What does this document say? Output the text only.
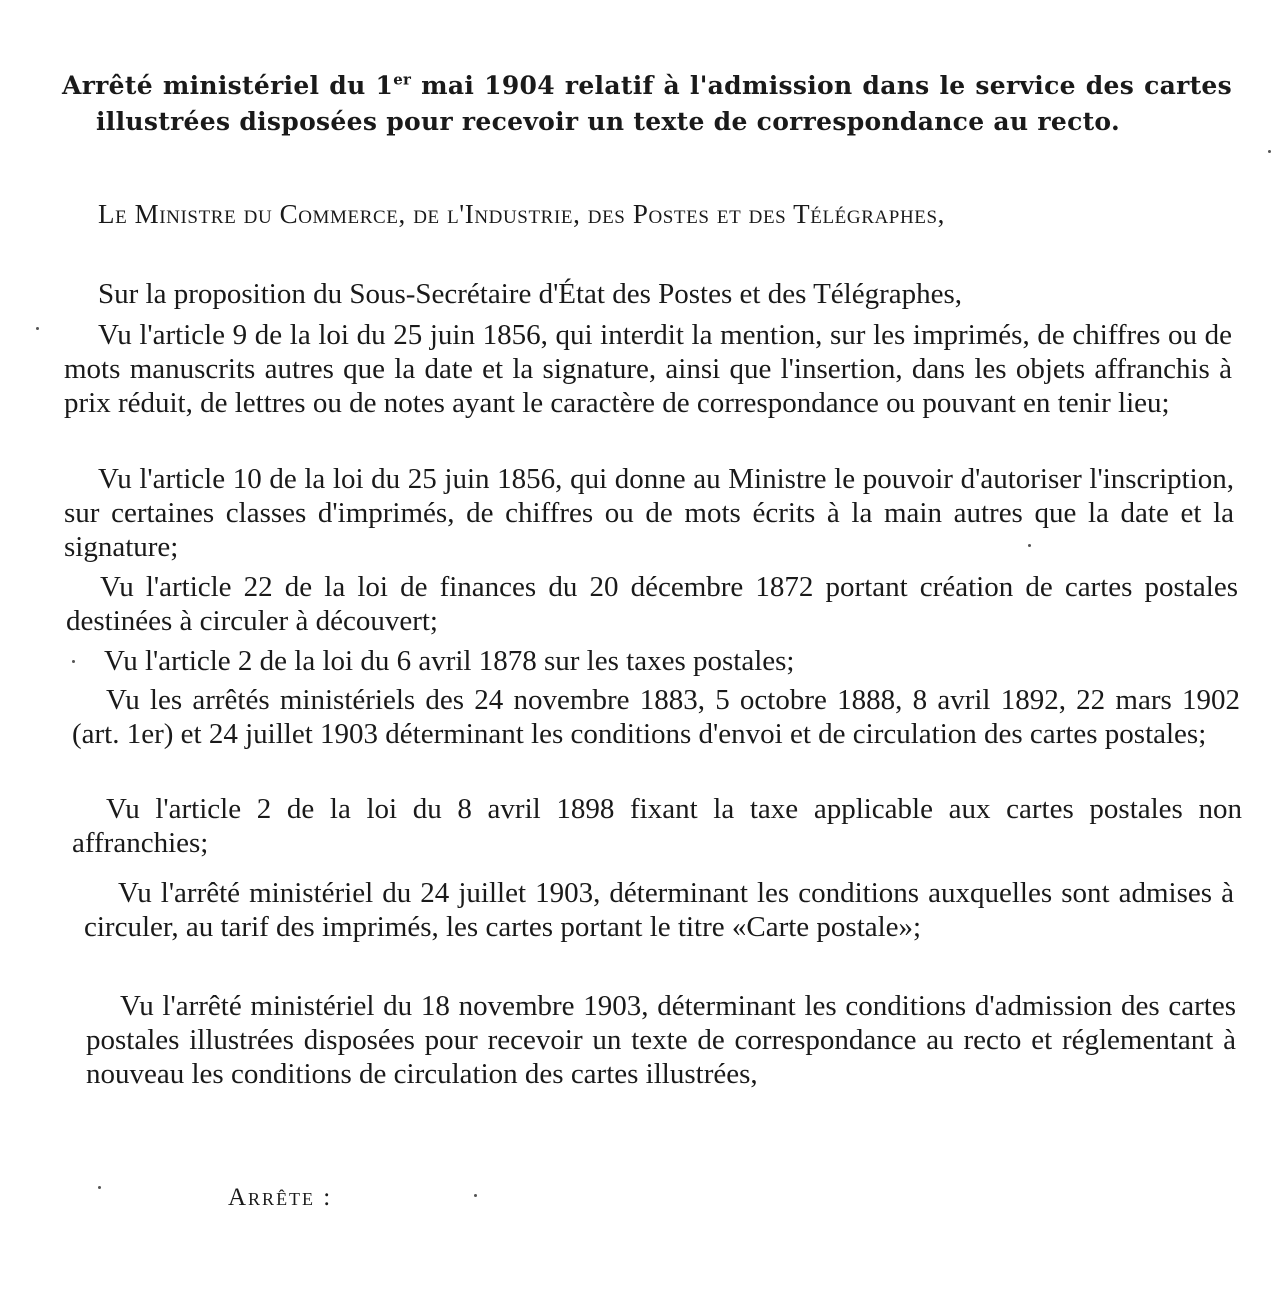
Arrêté ministériel du 1er mai 1904 relatif à l'admission dans le service des cartes illustrées disposées pour recevoir un texte de correspondance au recto.

Le Ministre du Commerce, de l'Industrie, des Postes et des Télégraphes,

Sur la proposition du Sous-Secrétaire d'État des Postes et des Télégraphes,

Vu l'article 9 de la loi du 25 juin 1856, qui interdit la mention, sur les imprimés, de chiffres ou de mots manuscrits autres que la date et la signature, ainsi que l'insertion, dans les objets affranchis à prix réduit, de lettres ou de notes ayant le caractère de correspondance ou pouvant en tenir lieu;

Vu l'article 10 de la loi du 25 juin 1856, qui donne au Ministre le pouvoir d'autoriser l'inscription, sur certaines classes d'imprimés, de chiffres ou de mots écrits à la main autres que la date et la signature;

Vu l'article 22 de la loi de finances du 20 décembre 1872 portant création de cartes postales destinées à circuler à découvert;

Vu l'article 2 de la loi du 6 avril 1878 sur les taxes postales;

Vu les arrêtés ministériels des 24 novembre 1883, 5 octobre 1888, 8 avril 1892, 22 mars 1902 (art. 1er) et 24 juillet 1903 déterminant les conditions d'envoi et de circulation des cartes postales;

Vu l'article 2 de la loi du 8 avril 1898 fixant la taxe applicable aux cartes postales non affranchies;

Vu l'arrêté ministériel du 24 juillet 1903, déterminant les conditions auxquelles sont admises à circuler, au tarif des imprimés, les cartes portant le titre «Carte postale»;

Vu l'arrêté ministériel du 18 novembre 1903, déterminant les conditions d'admission des cartes postales illustrées disposées pour recevoir un texte de correspondance au recto et réglementant à nouveau les conditions de circulation des cartes illustrées,

Arrête :
